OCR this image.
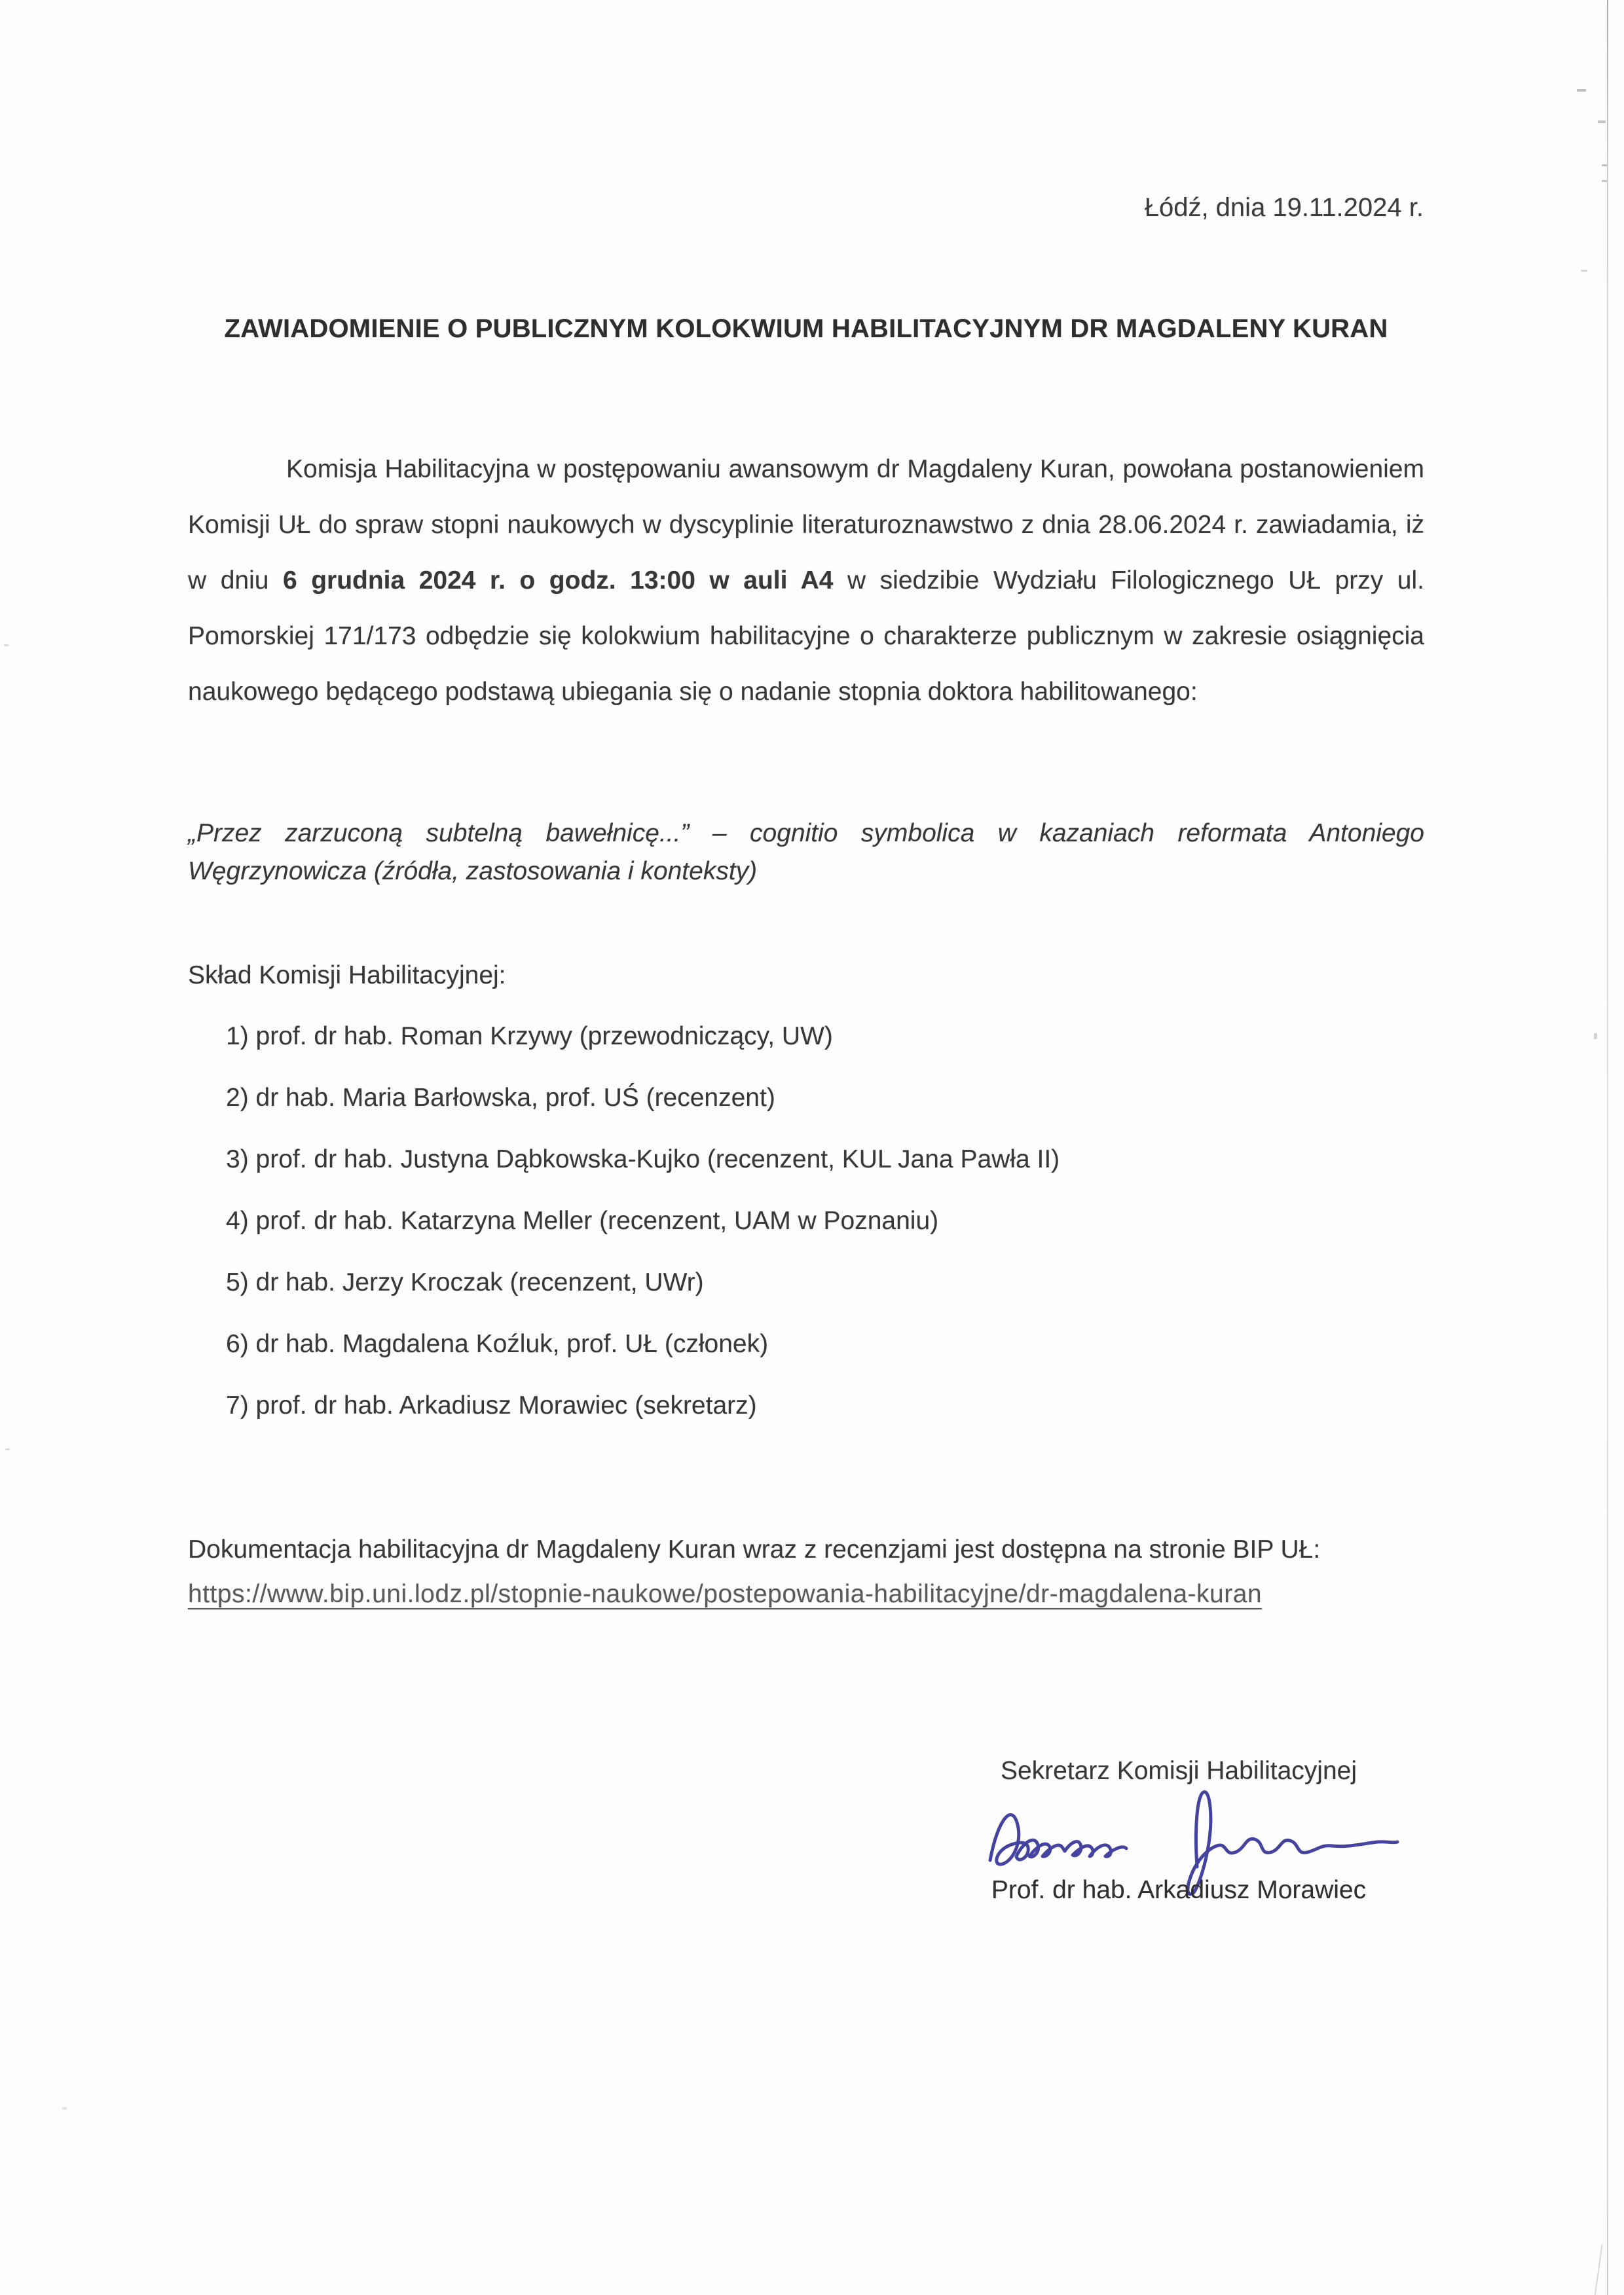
Łódź, dnia 19.11.2024 r.
ZAWIADOMIENIE O PUBLICZNYM KOLOKWIUM HABILITACYJNYM DR MAGDALENY KURAN

Komisja Habilitacyjna w postępowaniu awansowym dr Magdaleny Kuran, powołana postanowieniem Komisji UŁ do spraw stopni naukowych w dyscyplinie literaturoznawstwo z dnia 28.06.2024 r. zawiadamia, iż w dniu 6 grudnia 2024 r. o godz. 13:00 w auli A4 w siedzibie Wydziału Filologicznego UŁ przy ul. Pomorskiej 171/173 odbędzie się kolokwium habilitacyjne o charakterze publicznym w zakresie osiągnięcia naukowego będącego podstawą ubiegania się o nadanie stopnia doktora habilitowanego:

„Przez zarzuconą subtelną bawełnicę...” – cognitio symbolica w kazaniach reformata Antoniego Węgrzynowicza (źródła, zastosowania i konteksty)

Skład Komisji Habilitacyjnej:
1) prof. dr hab. Roman Krzywy (przewodniczący, UW)
2) dr hab. Maria Barłowska, prof. UŚ (recenzent)
3) prof. dr hab. Justyna Dąbkowska-Kujko (recenzent, KUL Jana Pawła II)
4) prof. dr hab. Katarzyna Meller (recenzent, UAM w Poznaniu)
5) dr hab. Jerzy Kroczak (recenzent, UWr)
6) dr hab. Magdalena Koźluk, prof. UŁ (członek)
7) prof. dr hab. Arkadiusz Morawiec (sekretarz)

Dokumentacja habilitacyjna dr Magdaleny Kuran wraz z recenzjami jest dostępna na stronie BIP UŁ:

https://www.bip.uni.lodz.pl/stopnie-naukowe/postepowania-habilitacyjne/dr-magdalena-kuran
Sekretarz Komisji Habilitacyjnej
Prof. dr hab. Arkadiusz Morawiec
